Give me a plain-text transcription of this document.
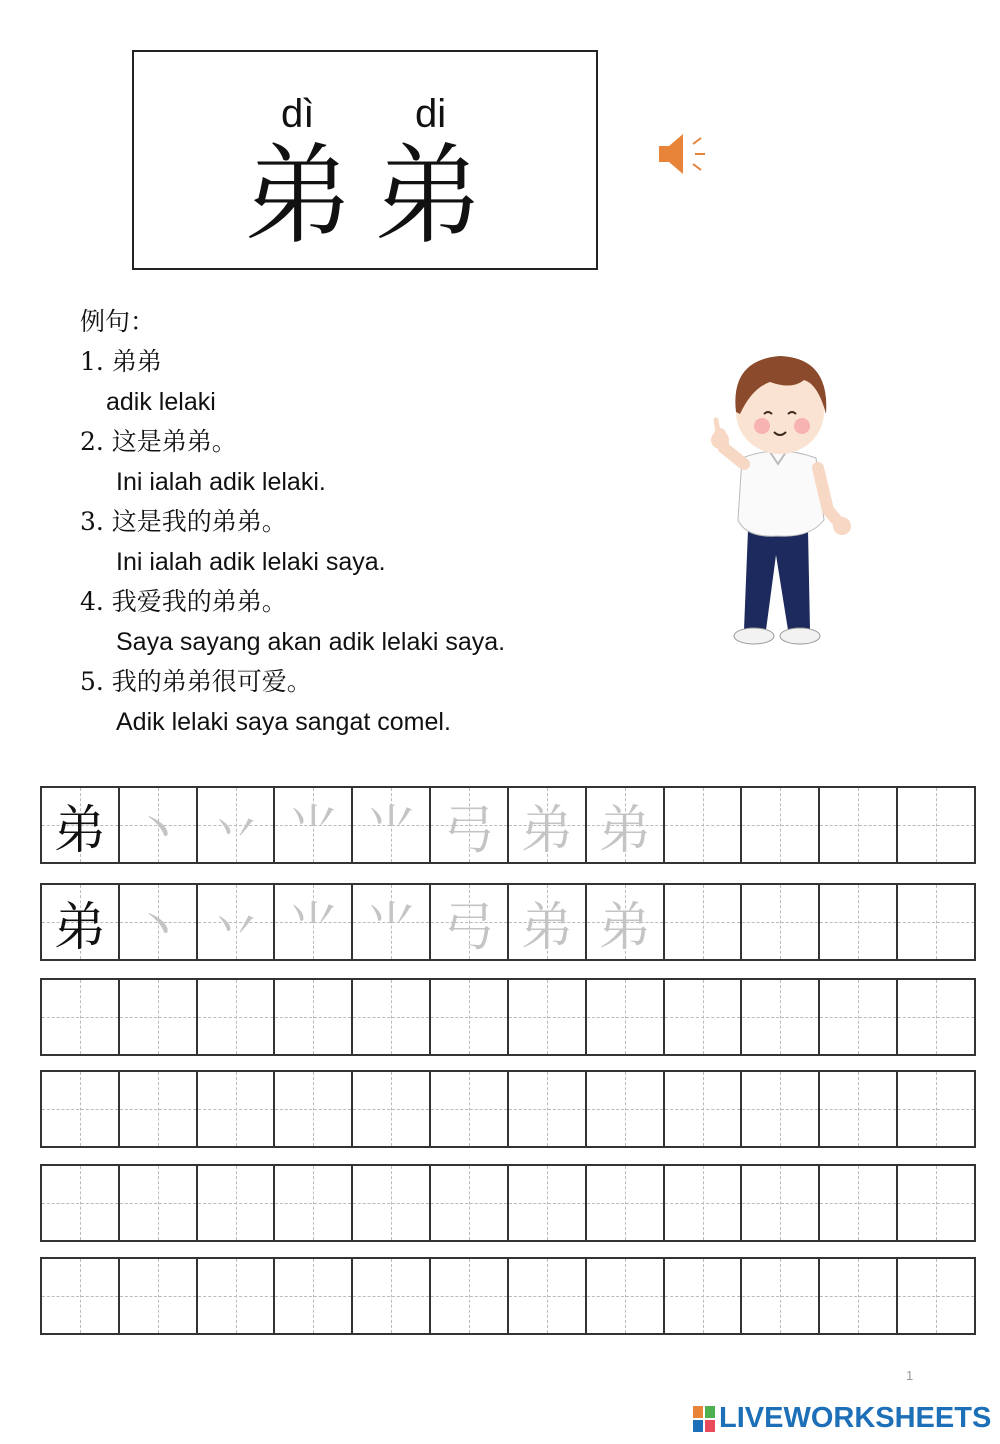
dì	di
弟 弟
例句：
1. 弟弟
adik lelaki
2. 这是弟弟。
Ini ialah adik lelaki.
3. 这是我的弟弟。
Ini ialah adik lelaki saya.
4. 我爱我的弟弟。
Saya sayang akan adik lelaki saya.
5. 我的弟弟很可爱。
Adik lelaki saya sangat comel.
弟 丶 丷 ⺌ ⺌ 弓 弟 弟
弟 丶 丷 ⺌ ⺌ 弓 弟 弟
1
LIVEWORKSHEETS
